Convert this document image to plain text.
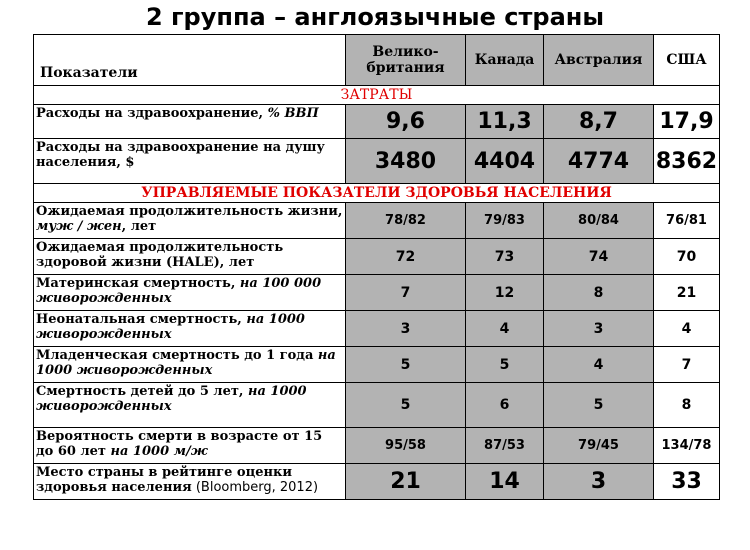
2 группа – англоязычные страны
Показатели	Велико-британия	Канада	Австралия	США
ЗАТРАТЫ				
Расходы на здравоохранение, % ВВП	9,6	11,3	8,7	17,9
Расходы на здравоохранение на душу населения, $	3480	4404	4774	8362
УПРАВЛЯЕМЫЕ ПОКАЗАТЕЛИ ЗДОРОВЬЯ НАСЕЛЕНИЯ				
Ожидаемая продолжительность жизни, муж / жен, лет	78/82	79/83	80/84	76/81
Ожидаемая продолжительность здоровой жизни (HALE), лет	72	73	74	70
Материнская смертность, на 100 000 живорожденных	7	12	8	21
Неонатальная смертность, на 1000 живорожденных	3	4	3	4
Младенческая смертность до 1 года на 1000 живорожденных	5	5	4	7
Смертность детей до 5 лет, на 1000 живорожденных	5	6	5	8
Вероятность смерти в возрасте от 15 до 60 лет на 1000 м/ж	95/58	87/53	79/45	134/78
Место страны в рейтинге оценки здоровья населения (Bloomberg, 2012)	21	14	3	33
